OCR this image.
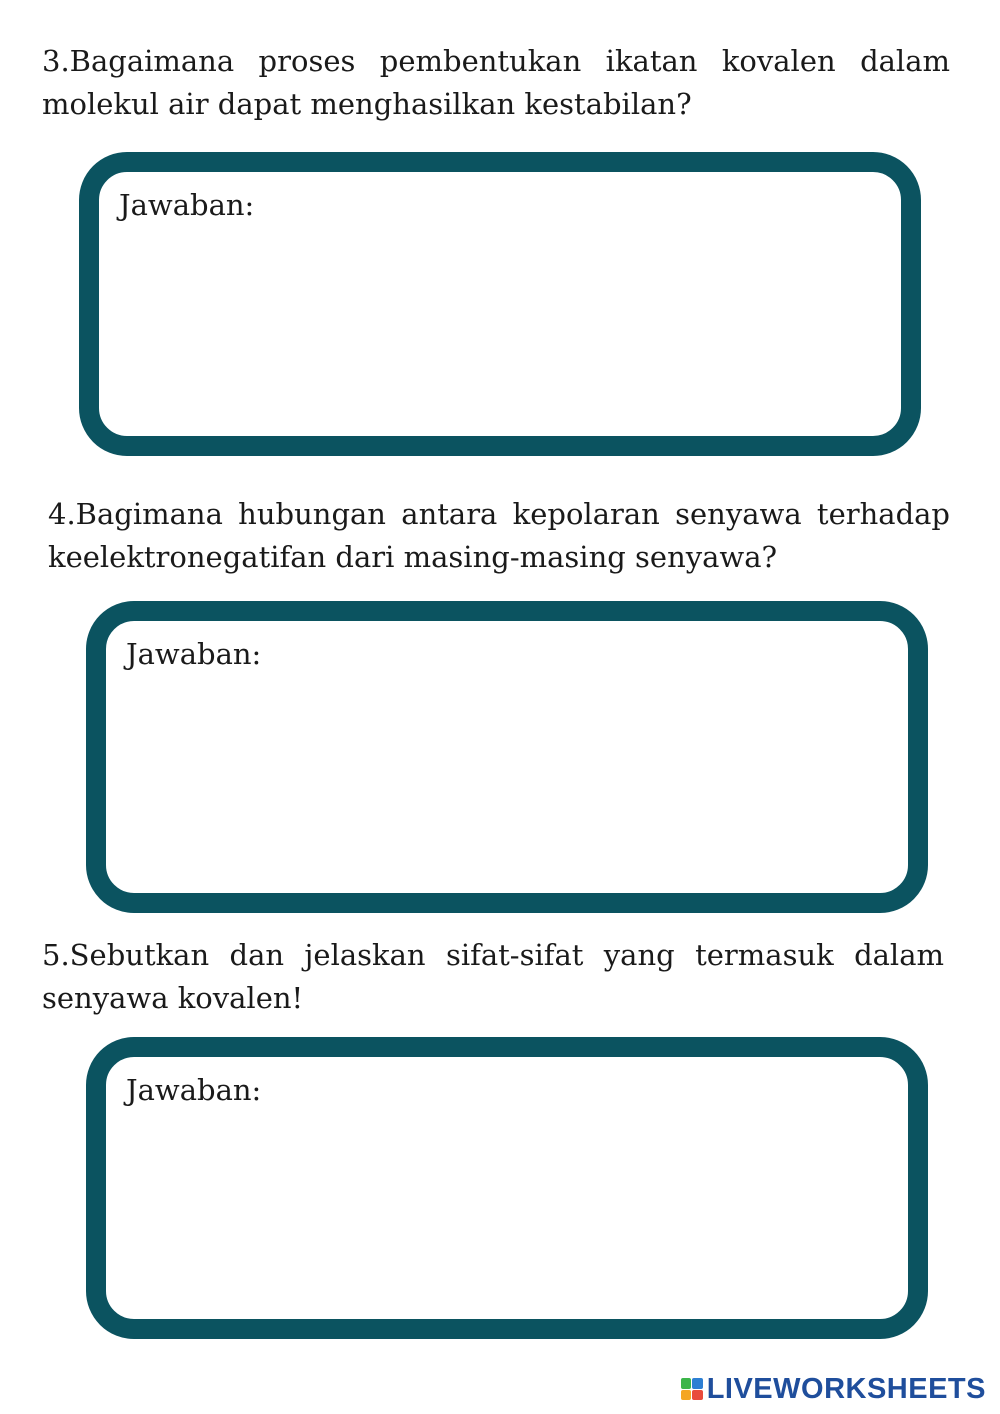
3.Bagaimana proses pembentukan ikatan kovalen dalam molekul air dapat menghasilkan kestabilan?

Jawaban:

4.Bagimana hubungan antara kepolaran senyawa terhadap keelektronegatifan dari masing-masing senyawa?

Jawaban:

5.Sebutkan dan jelaskan sifat-sifat yang termasuk dalam senyawa kovalen!

Jawaban:
LIVEWORKSHEETS
